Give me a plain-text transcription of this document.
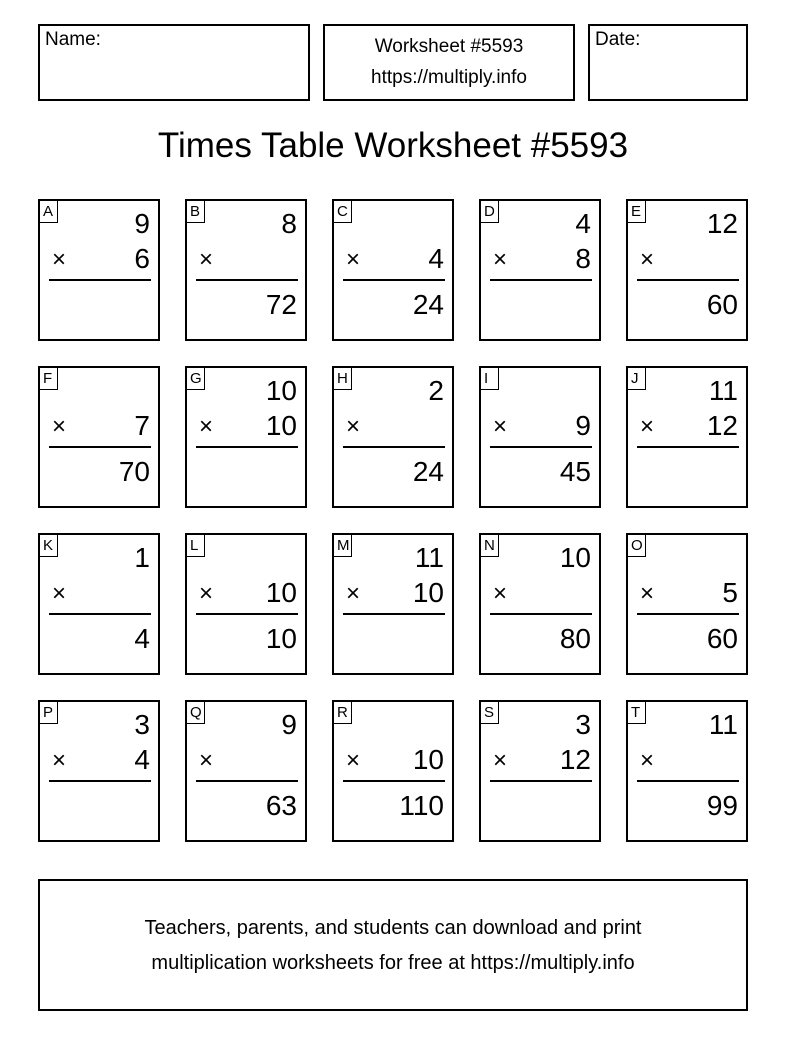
Name:	Worksheet #5593
https://multiply.info
Date:
Times Table Worksheet #5593
A	9
× 6
B	8
×
72
C
× 4
24
D	4
× 8
E 12
×
60
F
× 7
70
G 10
× 10
H	2
×
24
I
× 9
45
J	11
× 12
K	1
×
4
L
× 10
10
M 11
× 10
N 10
×
80
O
× 5
60
P	3
× 4
Q	9
×
63
R
× 10
110
S	3
× 12
T 11
×
99
Teachers, parents, and students can download and print
multiplication worksheets for free at https://multiply.info
